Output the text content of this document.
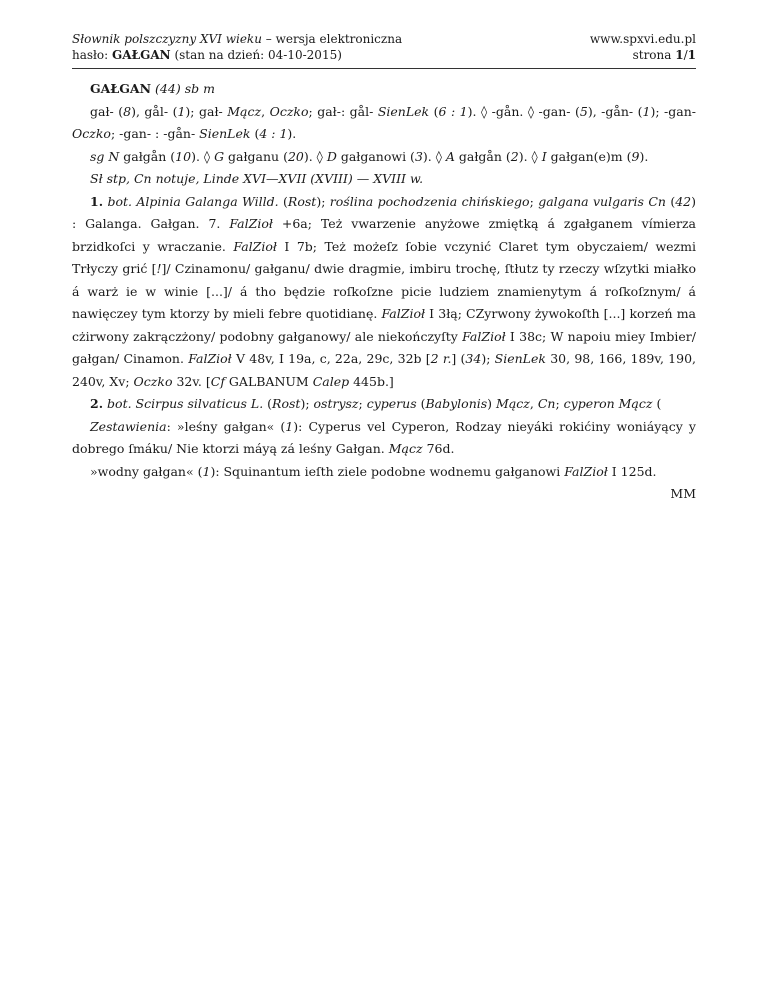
Słownik polszczyzny XVI wieku – wersja elektroniczna
hasło: GAŁGAN (stan na dzień: 04-10-2015)
www.spxvi.edu.pl
strona 1/1

GAŁGAN (44) sb m

gał- (8), gål- (1); gał- Mącz, Oczko; gał-: gål- SienLek (6 : 1). ◊ -gån. ◊ -gan- (5), -gån- (1); -gan- Oczko; -gan- : -gån- SienLek (4 : 1).

sg N gałgån (10). ◊ G gałganu (20). ◊ D gałganowi (3). ◊ A gałgån (2). ◊ I gałgan(e)m (9).

Sł stp, Cn notuje, Linde XVI—XVII (XVIII) — XVIII w.

1. bot. Alpinia Galanga Willd. (Rost); roślina pochodzenia chińskiego; galgana vulgaris Cn (42) : Galanga. Gałgan. 7. FalZioł +6a; Też vwarzenie anyżowe zmiętką á zgałganem vímierza brzidkoſci y wraczanie. FalZioł I 7b; Też możeſz ſobie vczynić Claret tym obyczaiem/ wezmi Trłyczy grić [!]/ Czinamonu/ gałganu/ dwie dragmie, imbiru trochę, ſtłutz ty rzeczy wſzytki miałko á warż ie w winie [...]/ á tho będzie roſkoſzne picie ludziem znamienytym á roſkoſznym/ á nawięczey tym ktorzy by mieli febre quotidianę. FalZioł I 3łą; CZyrwony żywokoſth [...] korzeń ma cżirwony zakrączżony/ podobny gałganowy/ ale niekończyſty FalZioł I 38c; W napoiu miey Imbier/ gałgan/ Cinamon. FalZioł V 48v, I 19a, c, 22a, 29c, 32b [2 r.] (34); SienLek 30, 98, 166, 189v, 190, 240v, Xv; Oczko 32v. [Cf GALBANUM Calep 445b.]

2. bot. Scirpus silvaticus L. (Rost); ostrysz; cyperus (Babylonis) Mącz, Cn; cyperon Mącz (

Zestawienia: »leśny gałgan« (1): Cyperus vel Cyperon, Rodzay nieyáki rokićiny woniáyący y dobrego ſmáku/ Nie ktorzi máyą zá leśny Gałgan. Mącz 76d.

»wodny gałgan« (1): Squinantum ieſth ziele podobne wodnemu gałganowi FalZioł I 125d.

MM
